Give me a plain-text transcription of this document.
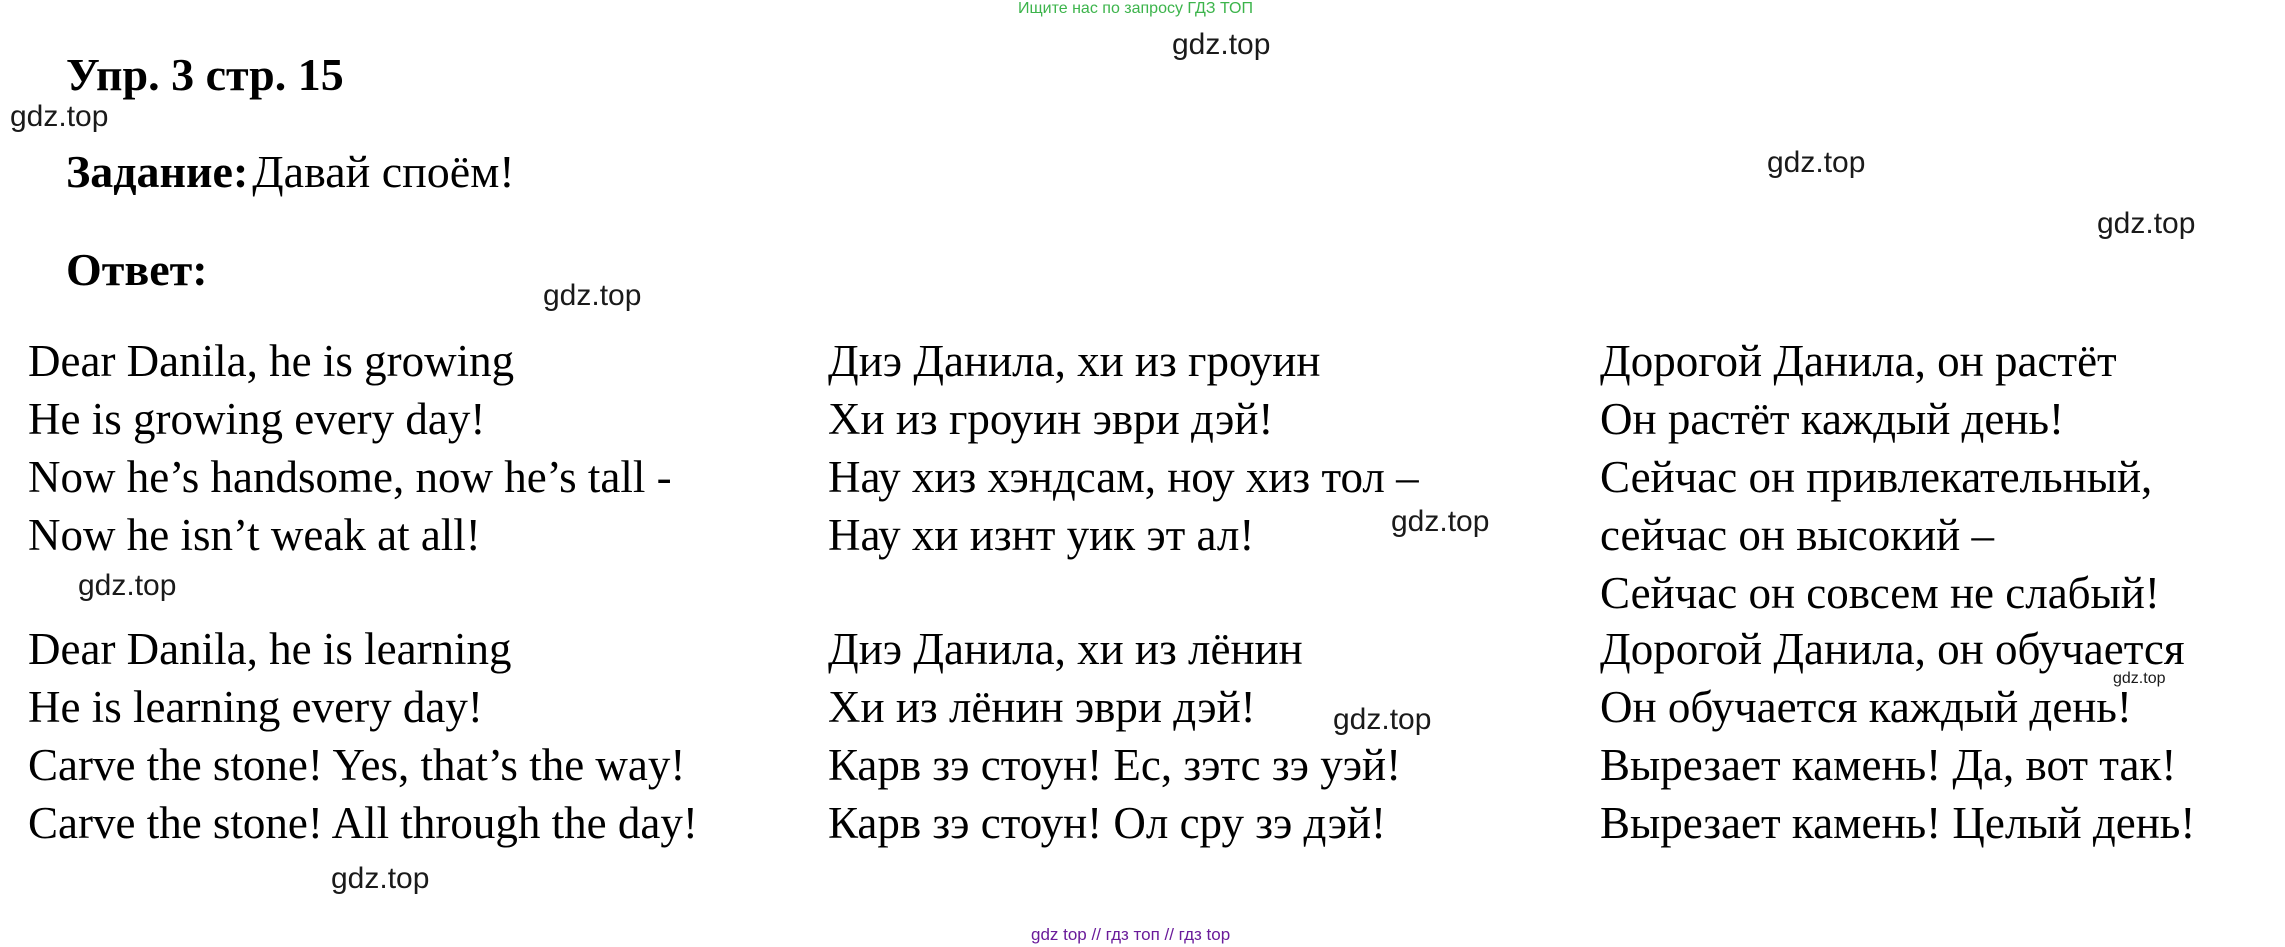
Ищите нас по запросу ГДЗ ТОП
Упр. 3 стр. 15
Задание: Давай споём!
Ответ:
Dear Danila, he is growing
He is growing every day!
Now he’s handsome, now he’s tall -
Now he isn’t weak at all!
Диэ Данила, хи из гроуин
Хи из гроуин эври дэй!
Нау хиз хэндсам, ноу хиз тол –
Нау хи изнт уик эт ал!
Дорогой Данила, он растёт
Он растёт каждый день!
Сейчас он привлекательный,
сейчас он высокий –
Сейчас он совсем не слабый!
Dear Danila, he is learning
He is learning every day!
Carve the stone! Yes, that’s the way!
Carve the stone! All through the day!
Диэ Данила, хи из лёнин
Хи из лёнин эври дэй!
Карв зэ стоун! Ес, зэтс зэ уэй!
Карв зэ стоун! Ол сру зэ дэй!
Дорогой Данила, он обучается
Он обучается каждый день!
Вырезает камень! Да, вот так!
Вырезает камень! Целый день!
gdz.top
gdz.top
gdz.top
gdz.top
gdz.top
gdz.top
gdz.top
gdz.top
gdz.top
gdz.top
gdz top // гдз топ // гдз top
